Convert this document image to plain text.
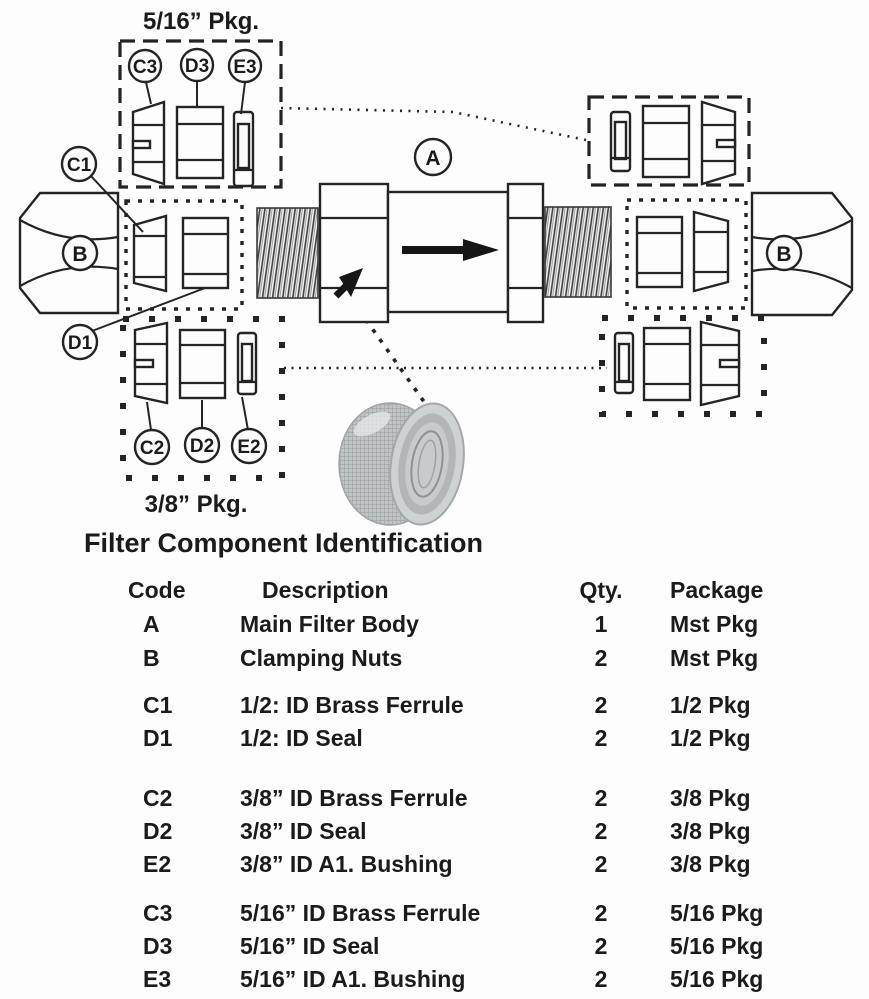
A
B	B
C3 D3 E3
C1
D1
C2 D2 E2
5/16” Pkg.
3/8” Pkg.
Filter Component Identification
Code	Description	Qty.	Package
A	Main Filter Body	1	Mst Pkg
B	Clamping Nuts	2	Mst Pkg
C1	1/2: ID Brass Ferrule	2	1/2 Pkg
D1	1/2: ID Seal	2	1/2 Pkg
C2	3/8” ID Brass Ferrule	2	3/8 Pkg
D2	3/8” ID Seal	2	3/8 Pkg
E2	3/8” ID A1. Bushing	2	3/8 Pkg
C3	5/16” ID Brass Ferrule	2	5/16 Pkg
D3	5/16” ID Seal	2	5/16 Pkg
E3	5/16” ID A1. Bushing	2	5/16 Pkg
